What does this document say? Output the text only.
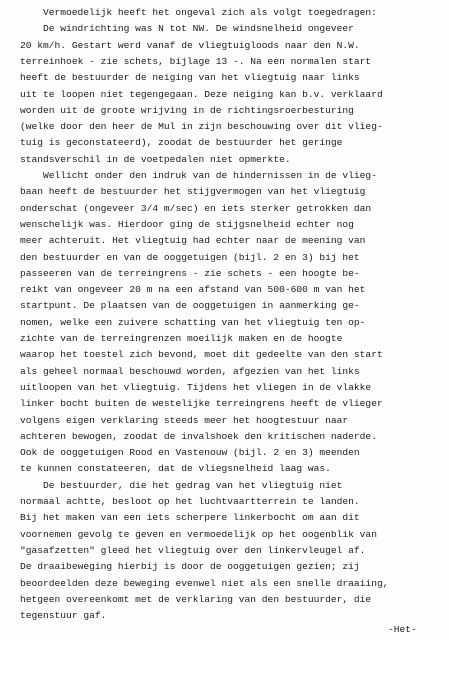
Vermoedelijk heeft het ongeval zich als volgt toegedragen:

De windrichting was N tot NW. De windsnelheid ongeveer

20 km/h. Gestart werd vanaf de vliegtuigloods naar den N.W.

terreinhoek - zie schets, bijlage 13 -. Na een normalen start

heeft de bestuurder de neiging van het vliegtuig naar links

uit te loopen niet tegengegaan. Deze neiging kan b.v. verklaard

worden uit de groote wrijving in de richtingsroerbesturing

(welke door den heer de Mul in zijn beschouwing over dit vlieg-

tuig is geconstateerd), zoodat de bestuurder het geringe

standsverschil in de voetpedalen niet opmerkte.

Wellicht onder den indruk van de hindernissen in de vlieg-

baan heeft de bestuurder het stijgvermogen van het vliegtuig

onderschat (ongeveer 3/4 m/sec) en iets sterker getrokken dan

wenschelijk was. Hierdoor ging de stijgsnelheid echter nog

meer achteruit. Het vliegtuig had echter naar de meening van

den bestuurder en van de ooggetuigen (bijl. 2 en 3) bij het

passeeren van de terreingrens - zie schets - een hoogte be-

reikt van ongeveer 20 m na een afstand van 500-600 m van het

startpunt. De plaatsen van de ooggetuigen in aanmerking ge-

nomen, welke een zuivere schatting van het vliegtuig ten op-

zichte van de terreingrenzen moeilijk maken en de hoogte

waarop het toestel zich bevond, moet dit gedeelte van den start

als geheel normaal beschouwd worden, afgezien van het links

uitloopen van het vliegtuig. Tijdens het vliegen in de vlakke

linker bocht buiten de westelijke terreingrens heeft de vlieger

volgens eigen verklaring steeds meer het hoogtestuur naar

achteren bewogen, zoodat de invalshoek den kritischen naderde.

Ook de ooggetuigen Rood en Vastenouw (bijl. 2 en 3) meenden

te kunnen constateeren, dat de vliegsnelheid laag was.

De bestuurder, die het gedrag van het vliegtuig niet

normaal achtte, besloot op het luchtvaartterrein te landen.

Bij het maken van een iets scherpere linkerbocht om aan dit

voornemen gevolg te geven en vermoedelijk op het oogenblik van

"gasafzetten" gleed het vliegtuig over den linkervleugel af.

De draaibeweging hierbij is door de ooggetuigen gezien; zij

beoordeelden deze beweging evenwel niet als een snelle draaiing,

hetgeen overeenkomt met de verklaring van den bestuurder, die

tegenstuur gaf.

-Het-
